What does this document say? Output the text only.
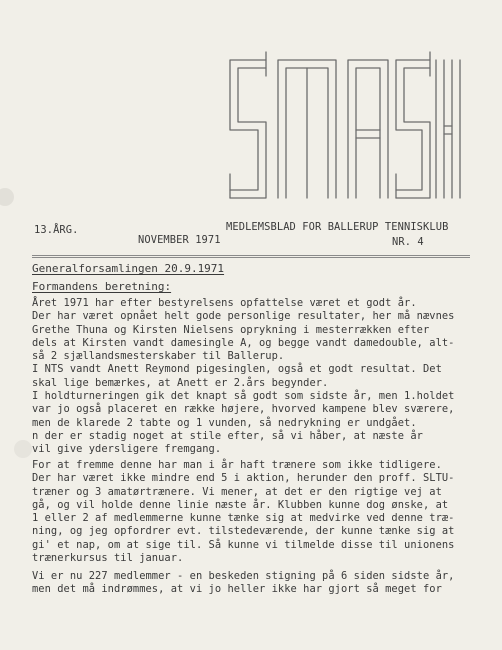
13.ÅRG.
NOVEMBER 1971
MEDLEMSBLAD FOR BALLERUP TENNISKLUB
NR. 4
Generalforsamlingen 20.9.1971
Formandens beretning:
Året 1971 har efter bestyrelsens opfattelse været et godt år.
Der har været opnået helt gode personlige resultater, her må nævnes
Grethe Thuna og Kirsten Nielsens oprykning i mesterrækken efter
dels at Kirsten vandt damesingle A, og begge vandt damedouble, alt-
så 2 sjællandsmesterskaber til Ballerup.
I NTS vandt Anett Reymond pigesinglen, også et godt resultat. Det
skal lige bemærkes, at Anett er 2.års begynder.
I holdturneringen gik det knapt så godt som sidste år, men 1.holdet
var jo også placeret en række højere, hvorved kampene blev sværere,
men de klarede 2 tabte og 1 vunden, så nedrykning er undgået.
n der er stadig noget at stile efter, så vi håber, at næste år
vil give ydersligere fremgang.
For at fremme denne har man i år haft trænere som ikke tidligere.
Der har været ikke mindre end 5 i aktion, herunder den proff. SLTU-
træner og 3 amatørtrænere. Vi mener, at det er den rigtige vej at
gå, og vil holde denne linie næste år. Klubben kunne dog ønske, at
1 eller 2 af medlemmerne kunne tænke sig at medvirke ved denne træ-
ning, og jeg opfordrer evt. tilstedeværende, der kunne tænke sig at
gi' et nap, om at sige til. Så kunne vi tilmelde disse til unionens
trænerkursus til januar.
Vi er nu 227 medlemmer - en beskeden stigning på 6 siden sidste år,
men det må indrømmes, at vi jo heller ikke har gjort så meget for
